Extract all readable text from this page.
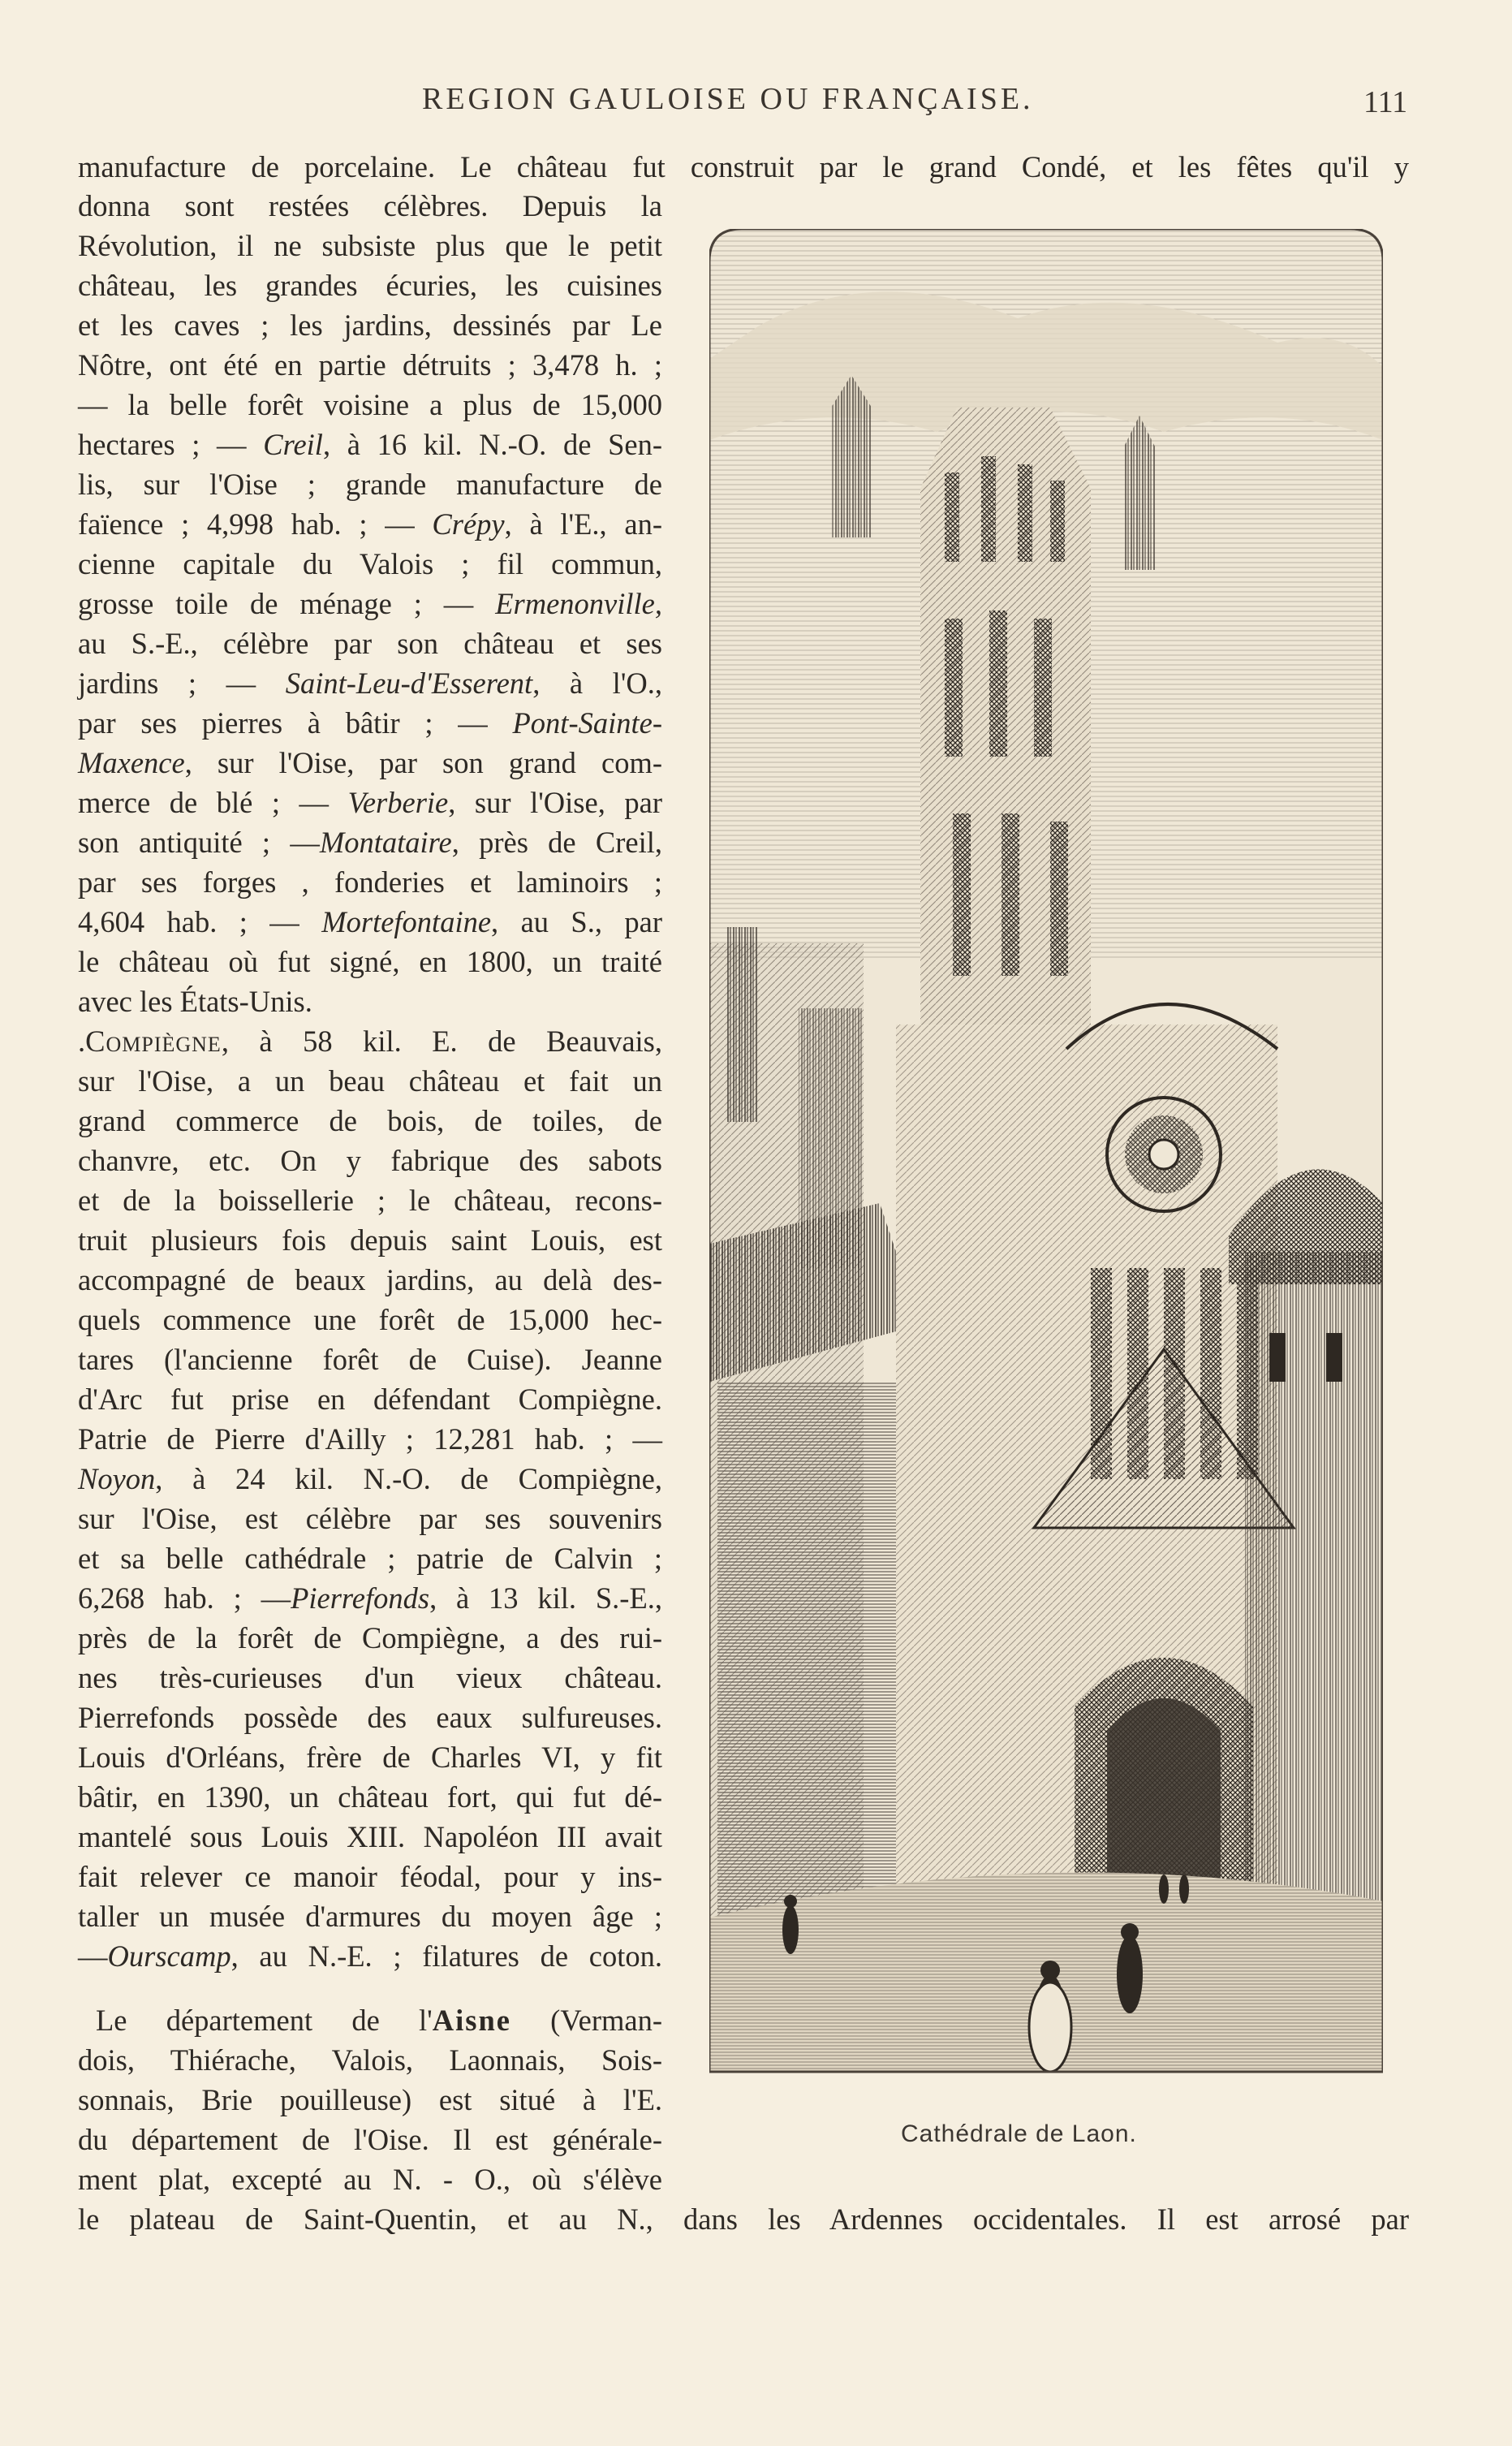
REGION GAULOISE OU FRANÇAISE.	111
manufacture de porcelaine. Le château fut construit par le grand Condé, et les fêtes qu'il y
donna sont restées célèbres. Depuis la
Révolution, il ne subsiste plus que le petit
château, les grandes écuries, les cuisines
et les caves ; les jardins, dessinés par Le
Nôtre, ont été en partie détruits ; 3,478 h. ;
— la belle forêt voisine a plus de 15,000
hectares ; — Creil, à 16 kil. N.-O. de Sen-
lis, sur l'Oise ; grande manufacture de
faïence ; 4,998 hab. ; — Crépy, à l'E., an-
cienne capitale du Valois ; fil commun,
grosse toile de ménage ; — Ermenonville,
au S.-E., célèbre par son château et ses
jardins ; — Saint-Leu-d'Esserent, à l'O.,
par ses pierres à bâtir ; — Pont-Sainte-
Maxence, sur l'Oise, par son grand com-
merce de blé ; — Verberie, sur l'Oise, par
son antiquité ; —Montataire, près de Creil,
par ses forges , fonderies et laminoirs ;
4,604 hab. ; — Mortefontaine, au S., par
le château où fut signé, en 1800, un traité
avec les États-Unis.
.Compiègne, à 58 kil. E. de Beauvais,
sur l'Oise, a un beau château et fait un
grand commerce de bois, de toiles, de
chanvre, etc. On y fabrique des sabots
et de la boissellerie ; le château, recons-
truit plusieurs fois depuis saint Louis, est
accompagné de beaux jardins, au delà des-
quels commence une forêt de 15,000 hec-
tares (l'ancienne forêt de Cuise). Jeanne
d'Arc fut prise en défendant Compiègne.
Patrie de Pierre d'Ailly ; 12,281 hab. ; —
Noyon, à 24 kil. N.-O. de Compiègne,
sur l'Oise, est célèbre par ses souvenirs
et sa belle cathédrale ; patrie de Calvin ;
6,268 hab. ; —Pierrefonds, à 13 kil. S.-E.,
près de la forêt de Compiègne, a des rui-
nes très-curieuses d'un vieux château.
Pierrefonds possède des eaux sulfureuses.
Louis d'Orléans, frère de Charles VI, y fit
bâtir, en 1390, un château fort, qui fut dé-
mantelé sous Louis XIII. Napoléon III avait
fait relever ce manoir féodal, pour y ins-
taller un musée d'armures du moyen âge ;
—Ourscamp, au N.-E. ; filatures de coton.
Le département de l'Aisne (Verman-
dois, Thiérache, Valois, Laonnais, Sois-
sonnais, Brie pouilleuse) est situé à l'E.
du département de l'Oise. Il est générale-
ment plat, excepté au N. - O., où s'élève
le plateau de Saint-Quentin, et au N., dans les Ardennes occidentales. Il est arrosé par
Cathédrale de Laon.
